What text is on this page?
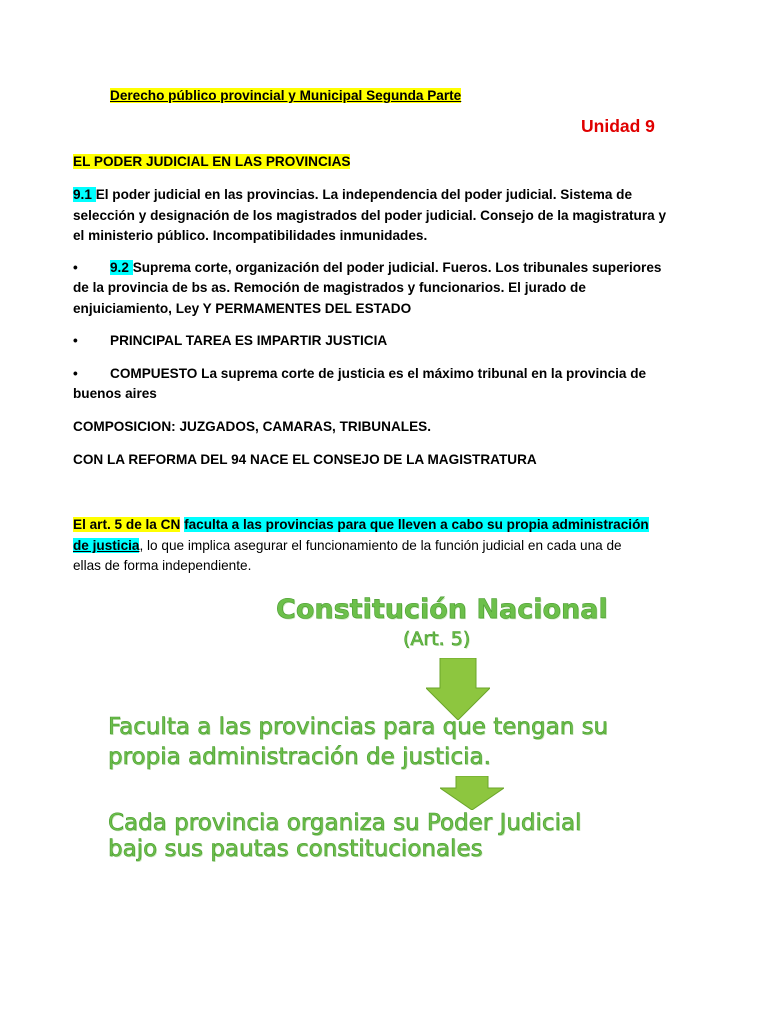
Derecho público provincial y Municipal Segunda Parte
Unidad 9
EL PODER JUDICIAL EN LAS PROVINCIAS
9.1 El poder judicial en las provincias. La independencia del poder judicial. Sistema de
selección y designación de los magistrados del poder judicial. Consejo de la magistratura y
el ministerio público. Incompatibilidades inmunidades.
• 9.2 Suprema corte, organización del poder judicial. Fueros. Los tribunales superiores
de la provincia de bs as. Remoción de magistrados y funcionarios. El jurado de
enjuiciamiento, Ley Y PERMAMENTES DEL ESTADO
• PRINCIPAL TAREA ES IMPARTIR JUSTICIA
• COMPUESTO La suprema corte de justicia es el máximo tribunal en la provincia de
buenos aires
COMPOSICION: JUZGADOS, CAMARAS, TRIBUNALES.
CON LA REFORMA DEL 94 NACE EL CONSEJO DE LA MAGISTRATURA
El art. 5 de la CN faculta a las provincias para que lleven a cabo su propia administración
de justicia, lo que implica asegurar el funcionamiento de la función judicial en cada una de
ellas de forma independiente.
Constitución Nacional
(Art. 5)
Faculta a las provincias para que tengan su
propia administración de justicia.
Cada provincia organiza su Poder Judicial
bajo sus pautas constitucionales
